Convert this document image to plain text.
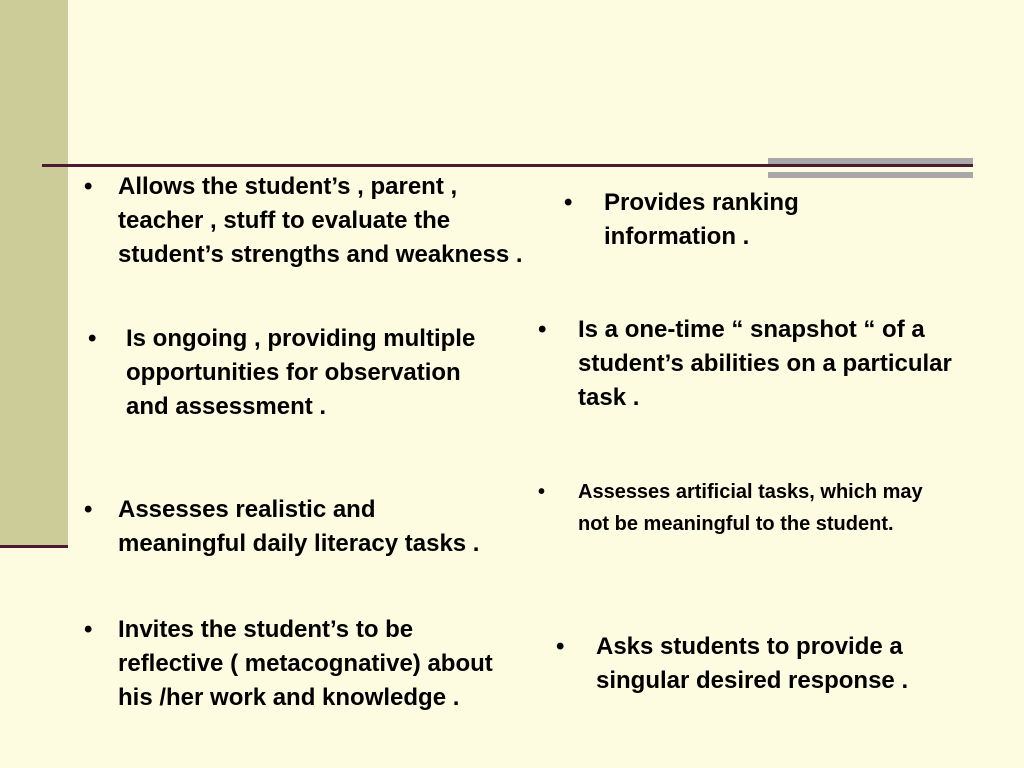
•	Allows the student’s , parent , teacher , stuff to evaluate the student’s strengths and weakness .
•	Is ongoing , providing multiple opportunities for observation and assessment .
•	Assesses realistic and meaningful daily literacy tasks .
•	Invites the student’s to be reflective ( metacognative) about his /her work and knowledge .
•	Provides ranking information .
•	Is a one-time “ snapshot “ of a student’s abilities on a particular task .
•	Assesses artificial tasks, which may not be meaningful to the student.
•	Asks students to provide a singular desired response .
